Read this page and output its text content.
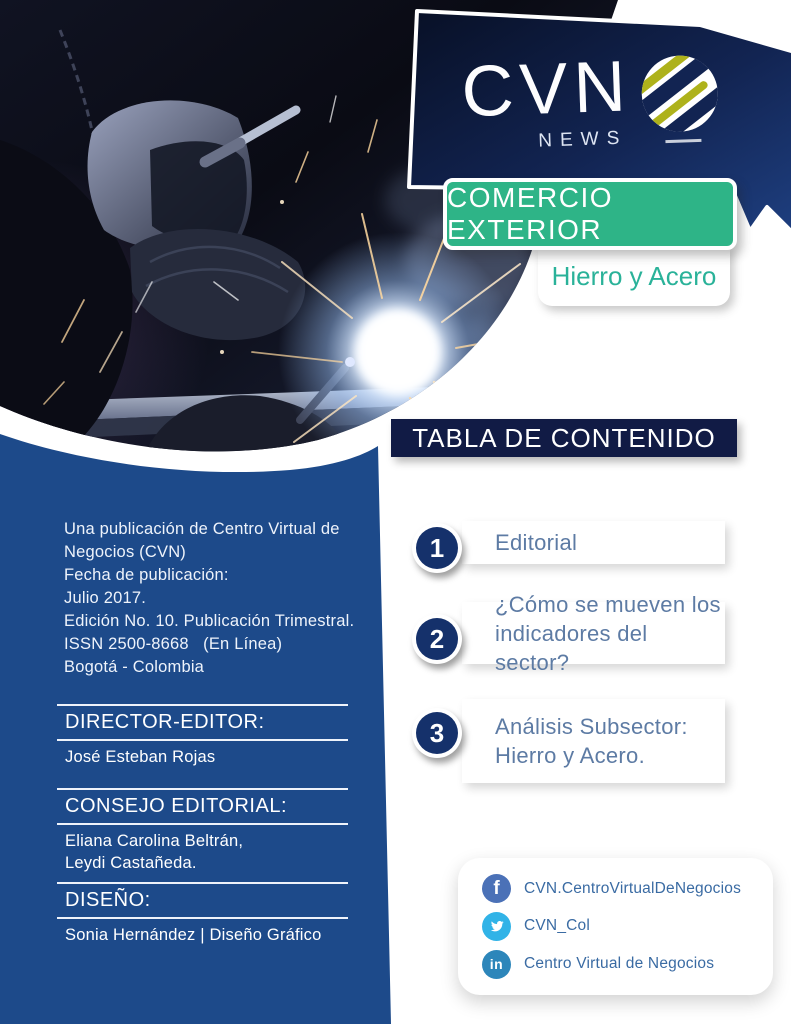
CVN
NEWS
COMERCIO EXTERIOR
Hierro y Acero
TABLA DE CONTENIDO
1	Editorial
2
¿Cómo se mueven los
indicadores del sector?
3	Análisis Subsector:
Hierro y Acero.
Una publicación de Centro Virtual de
Negocios (CVN)
Fecha de publicación:
Julio 2017.
Edición No. 10. Publicación Trimestral.
ISSN 2500-8668   (En Línea)
Bogotá - Colombia
DIRECTOR-EDITOR:
José Esteban Rojas
CONSEJO EDITORIAL:
Eliana Carolina Beltrán,
Leydi Castañeda.
DISEÑO:
Sonia Hernández | Diseño Gráfico
f CVN.CentroVirtualDeNegocios
CVN_Col
in Centro Virtual de Negocios
